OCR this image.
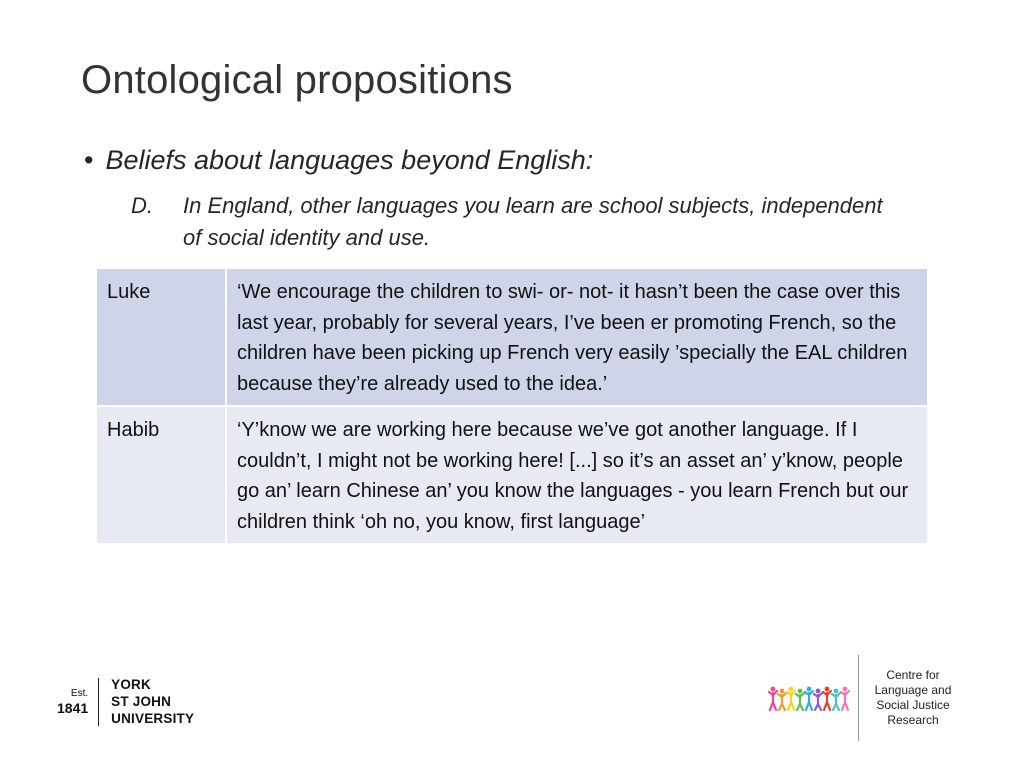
Ontological propositions
• Beliefs about languages beyond English:
D.	In England, other languages you learn are school subjects, independent of social identity and use.
Luke	‘We encourage the children to swi- or- not- it hasn’t been the case over this last year, probably for several years, I’ve been er promoting French, so the children have been picking up French very easily ’specially the EAL children because they’re already used to the idea.’
Habib	‘Y’know we are working here because we’ve got another language. If I couldn’t, I might not be working here! [...] so it’s an asset an’ y’know, people go an’ learn Chinese an’ you know the languages - you learn French but our children think ‘oh no, you know, first language’
Est.
1841
YORK
ST JOHN
UNIVERSITY
Centre for
Language and
Social Justice
Research
